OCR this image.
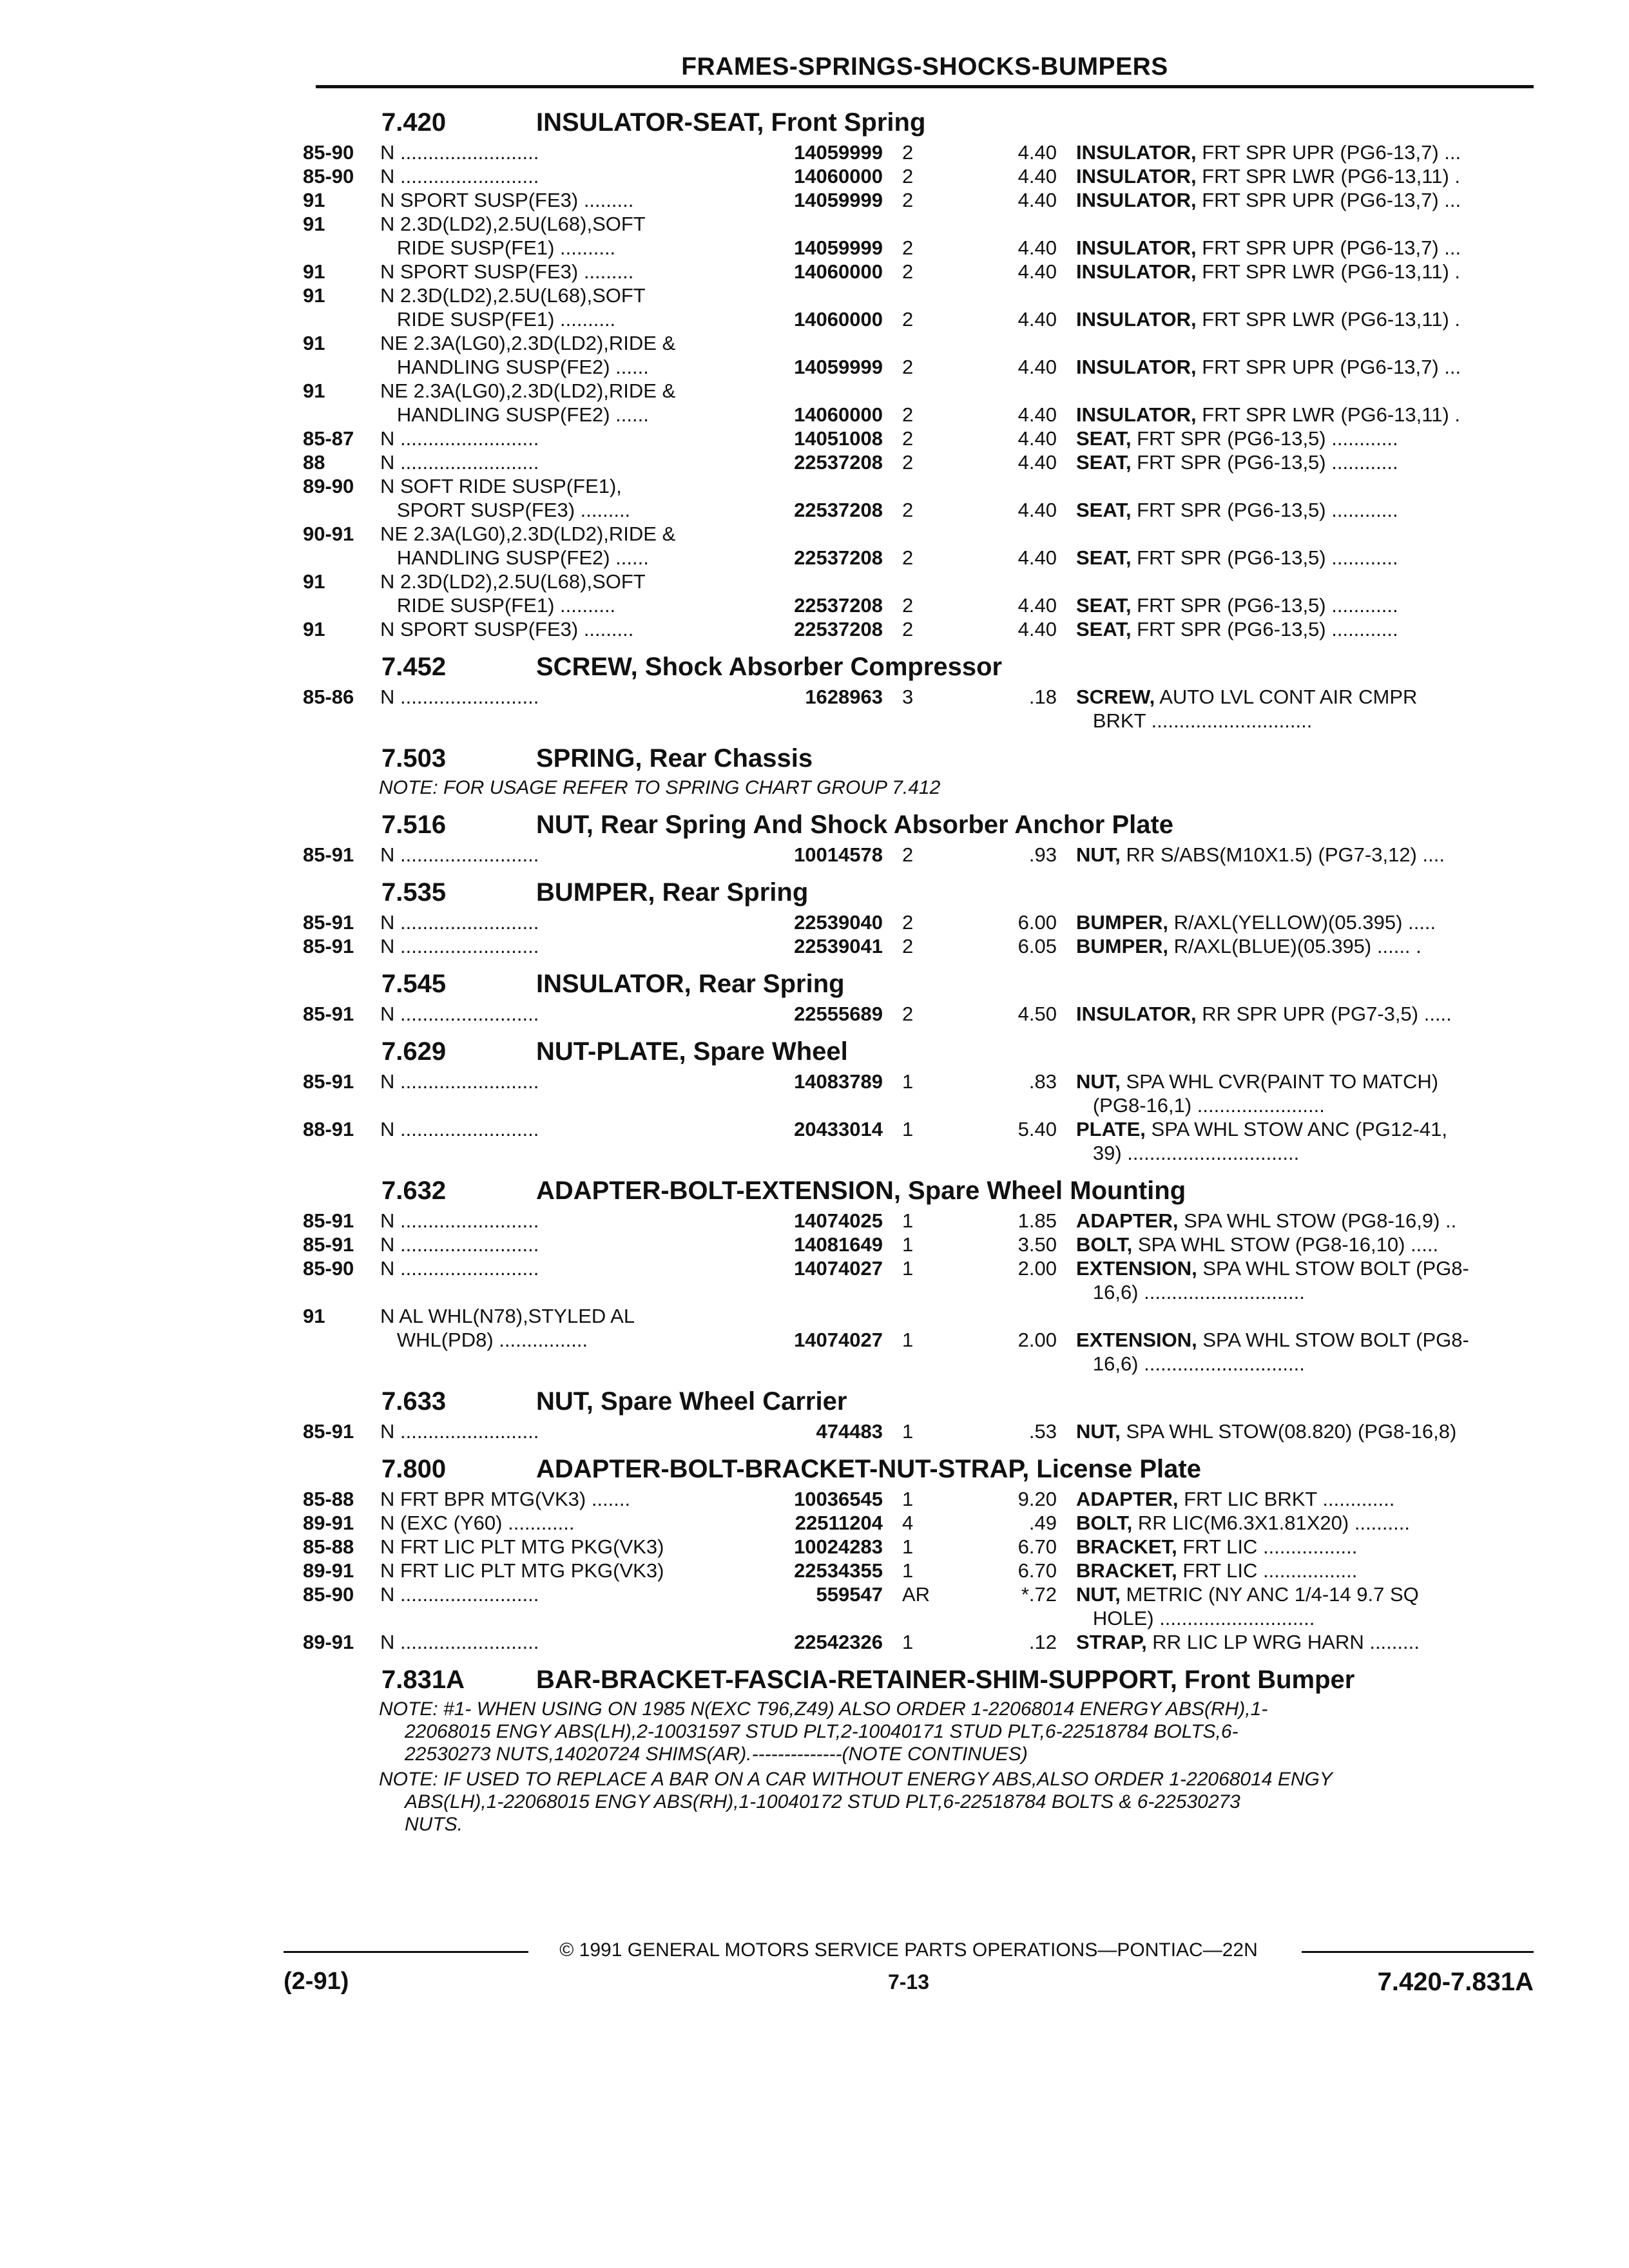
FRAMES-SPRINGS-SHOCKS-BUMPERS
7.420	INSULATOR-SEAT, Front Spring
85-90	N .........................	14059999 2	4.40 INSULATOR, FRT SPR UPR (PG6-13,7) ...
85-90	N .........................	14060000 2	4.40 INSULATOR, FRT SPR LWR (PG6-13,11) .
91	N SPORT SUSP(FE3) .........	14059999 2	4.40 INSULATOR, FRT SPR UPR (PG6-13,7) ...
91	N 2.3D(LD2),2.5U(L68),SOFT
RIDE SUSP(FE1) ..........	14059999 2	4.40 INSULATOR, FRT SPR UPR (PG6-13,7) ...
91	N SPORT SUSP(FE3) .........	14060000 2	4.40 INSULATOR, FRT SPR LWR (PG6-13,11) .
91	N 2.3D(LD2),2.5U(L68),SOFT
RIDE SUSP(FE1) ..........	14060000 2	4.40 INSULATOR, FRT SPR LWR (PG6-13,11) .
91	NE 2.3A(LG0),2.3D(LD2),RIDE &
HANDLING SUSP(FE2) ......	14059999 2	4.40 INSULATOR, FRT SPR UPR (PG6-13,7) ...
91	NE 2.3A(LG0),2.3D(LD2),RIDE &
HANDLING SUSP(FE2) ......	14060000 2	4.40 INSULATOR, FRT SPR LWR (PG6-13,11) .
85-87	N .........................	14051008 2	4.40 SEAT, FRT SPR (PG6-13,5) ............
88	N .........................	22537208 2	4.40 SEAT, FRT SPR (PG6-13,5) ............
89-90	N SOFT RIDE SUSP(FE1),
SPORT SUSP(FE3) .........	22537208 2	4.40 SEAT, FRT SPR (PG6-13,5) ............
90-91	NE 2.3A(LG0),2.3D(LD2),RIDE &
HANDLING SUSP(FE2) ......	22537208 2	4.40 SEAT, FRT SPR (PG6-13,5) ............
91	N 2.3D(LD2),2.5U(L68),SOFT
RIDE SUSP(FE1) ..........	22537208 2	4.40 SEAT, FRT SPR (PG6-13,5) ............
91	N SPORT SUSP(FE3) .........	22537208 2	4.40 SEAT, FRT SPR (PG6-13,5) ............
7.452	SCREW, Shock Absorber Compressor
85-86	N .........................	1628963 3	.18 SCREW, AUTO LVL CONT AIR CMPR
BRKT .............................
7.503	SPRING, Rear Chassis
NOTE: FOR USAGE REFER TO SPRING CHART GROUP 7.412
7.516	NUT, Rear Spring And Shock Absorber Anchor Plate
85-91	N .........................	10014578 2	.93 NUT, RR S/ABS(M10X1.5) (PG7-3,12) ....
7.535	BUMPER, Rear Spring
85-91	N .........................	22539040 2	6.00 BUMPER, R/AXL(YELLOW)(05.395) .....
85-91	N .........................	22539041 2	6.05 BUMPER, R/AXL(BLUE)(05.395) ...... .
7.545	INSULATOR, Rear Spring
85-91	N .........................	22555689 2	4.50 INSULATOR, RR SPR UPR (PG7-3,5) .....
7.629	NUT-PLATE, Spare Wheel
85-91	N .........................	14083789 1	.83 NUT, SPA WHL CVR(PAINT TO MATCH)
(PG8-16,1) .......................
88-91	N .........................	20433014 1	5.40 PLATE, SPA WHL STOW ANC (PG12-41,
39) ...............................
7.632	ADAPTER-BOLT-EXTENSION, Spare Wheel Mounting
85-91	N .........................	14074025 1	1.85 ADAPTER, SPA WHL STOW (PG8-16,9) ..
85-91	N .........................	14081649 1	3.50 BOLT, SPA WHL STOW (PG8-16,10) .....
85-90	N .........................	14074027 1	2.00 EXTENSION, SPA WHL STOW BOLT (PG8-
16,6) .............................
91	N AL WHL(N78),STYLED AL
WHL(PD8) ................	14074027 1	2.00 EXTENSION, SPA WHL STOW BOLT (PG8-
16,6) .............................
7.633	NUT, Spare Wheel Carrier
85-91	N .........................	474483 1	.53 NUT, SPA WHL STOW(08.820) (PG8-16,8)
7.800	ADAPTER-BOLT-BRACKET-NUT-STRAP, License Plate
85-88	N FRT BPR MTG(VK3) .......	10036545 1	9.20 ADAPTER, FRT LIC BRKT .............
89-91	N (EXC (Y60) ............	22511204 4	.49 BOLT, RR LIC(M6.3X1.81X20) ..........
85-88	N FRT LIC PLT MTG PKG(VK3)	10024283 1	6.70 BRACKET, FRT LIC .................
89-91	N FRT LIC PLT MTG PKG(VK3)	22534355 1	6.70 BRACKET, FRT LIC .................
85-90	N .........................	559547 AR	*.72 NUT, METRIC (NY ANC 1/4-14 9.7 SQ
HOLE) ............................
89-91	N .........................	22542326 1	.12 STRAP, RR LIC LP WRG HARN .........
7.831A	BAR-BRACKET-FASCIA-RETAINER-SHIM-SUPPORT, Front Bumper
NOTE: #1- WHEN USING ON 1985 N(EXC T96,Z49) ALSO ORDER 1-22068014 ENERGY ABS(RH),1-
22068015 ENGY ABS(LH),2-10031597 STUD PLT,2-10040171 STUD PLT,6-22518784 BOLTS,6-
22530273 NUTS,14020724 SHIMS(AR).--------------(NOTE CONTINUES)
NOTE: IF USED TO REPLACE A BAR ON A CAR WITHOUT ENERGY ABS,ALSO ORDER 1-22068014 ENGY
ABS(LH),1-22068015 ENGY ABS(RH),1-10040172 STUD PLT,6-22518784 BOLTS & 6-22530273
NUTS.
© 1991 GENERAL MOTORS SERVICE PARTS OPERATIONS—PONTIAC—22N
(2-91)	7-13	7.420-7.831A
